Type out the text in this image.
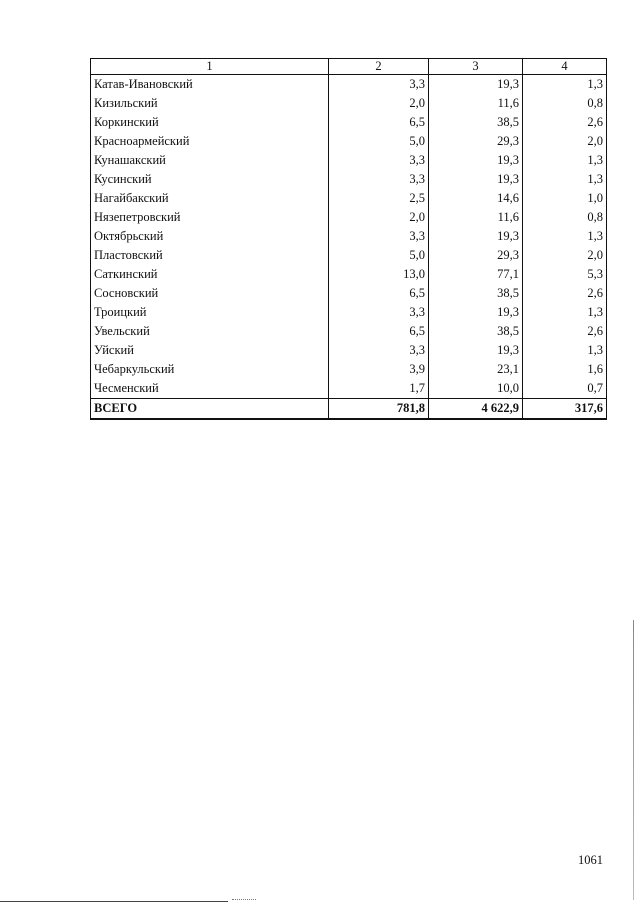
1	2	3	4
Катав-Ивановский	3,3	19,3	1,3
Кизильский	2,0	11,6	0,8
Коркинский	6,5	38,5	2,6
Красноармейский	5,0	29,3	2,0
Кунашакский	3,3	19,3	1,3
Кусинский	3,3	19,3	1,3
Нагайбакский	2,5	14,6	1,0
Нязепетровский	2,0	11,6	0,8
Октябрьский	3,3	19,3	1,3
Пластовский	5,0	29,3	2,0
Саткинский	13,0	77,1	5,3
Сосновский	6,5	38,5	2,6
Троицкий	3,3	19,3	1,3
Увельский	6,5	38,5	2,6
Уйский	3,3	19,3	1,3
Чебаркульский	3,9	23,1	1,6
Чесменский	1,7	10,0	0,7
ВСЕГО	781,8	4 622,9	317,6
1061
